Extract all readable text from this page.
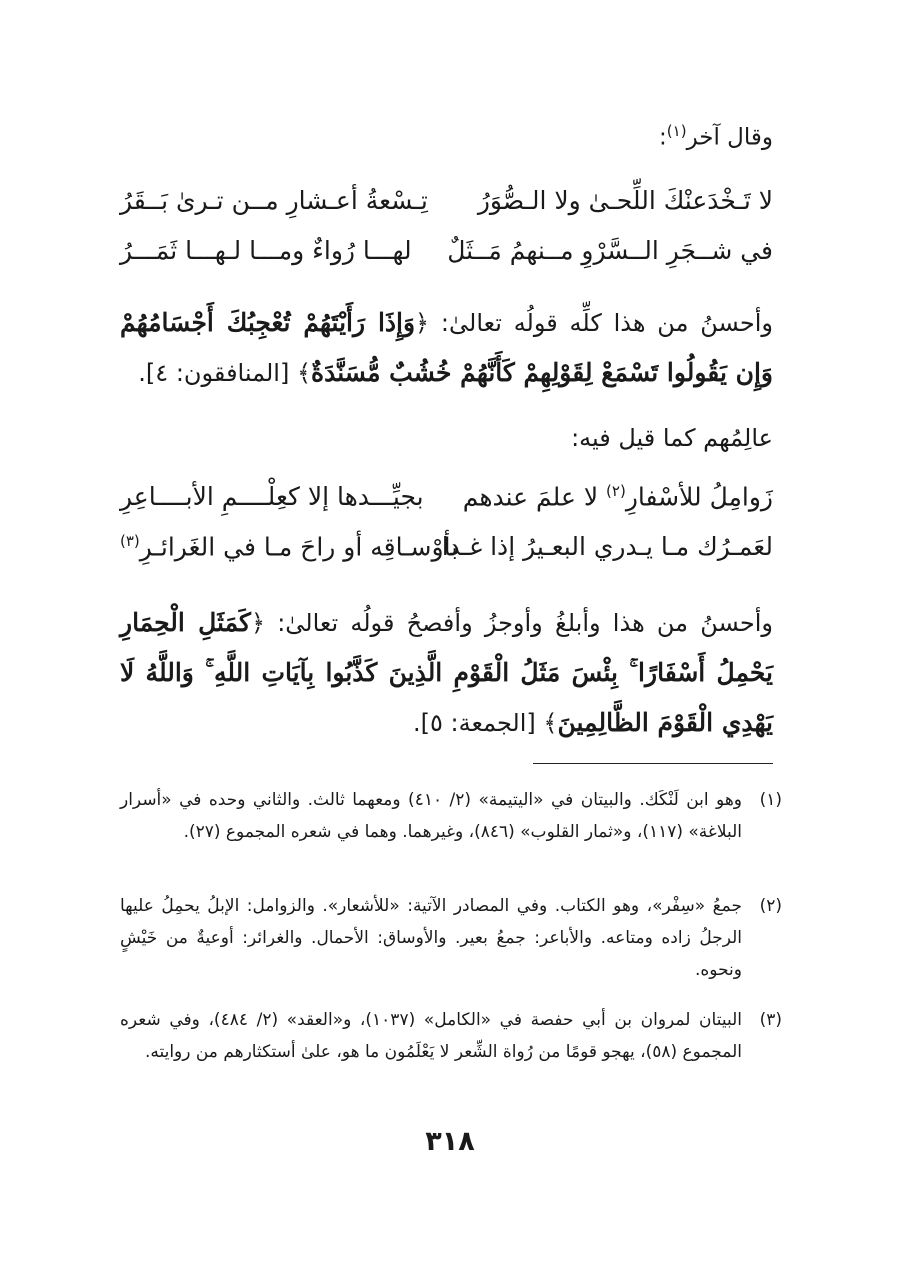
وقال آخر$^{(١)}$:
لا تَـخْدَعنْكَ اللِّحـىٰ ولا الـصُّوَرُ
تِـسْعةُ أعـشارِ مــن تـرىٰ بَــقَرُ
في شــجَرِ الــسَّرْوِ مــنهمُ مَــثَلٌ
لهـــا رُواءٌ ومـــا لـهـــا ثَمَـــرُ
وأحسنُ من هذا كلِّه قولُه تعالىٰ: ﴿وَإِذَا رَأَيْتَهُمْ تُعْجِبُكَ أَجْسَامُهُمْ وَإِن يَقُولُوا تَسْمَعْ لِقَوْلِهِمْ كَأَنَّهُمْ خُشُبٌ مُّسَنَّدَةٌ﴾ [المنافقون: ٤].
عالِمُهم كما قيل فيه:
زَوامِلُ للأسْفارِ$^{(٢)}$ لا علمَ عندهم
بجيِّـــدها إلا كعِلْــــمِ الأبــــاعِرِ
لعَمـرُك مـا يـدري البعـيرُ إذا غـدا
بأوْسـاقِه أو راحَ مـا في الغَرائـرِ$^{(٣)}$
وأحسنُ من هذا وأبلغُ وأوجزُ وأفصحُ قولُه تعالىٰ: ﴿كَمَثَلِ الْحِمَارِ يَحْمِلُ أَسْفَارًا ۚ بِئْسَ مَثَلُ الْقَوْمِ الَّذِينَ كَذَّبُوا بِآيَاتِ اللَّهِ ۚ وَاللَّهُ لَا يَهْدِي الْقَوْمَ الظَّالِمِينَ﴾ [الجمعة: ٥].
(١)
وهو ابن لَنْكَك. والبيتان في «اليتيمة» (٢/ ٤١٠) ومعهما ثالث. والثاني وحده في «أسرار البلاغة» (١١٧)، و«ثمار القلوب» (٨٤٦)، وغيرهما. وهما في شعره المجموع (٢٧).
(٢)
جمعُ «سِفْر»، وهو الكتاب. وفي المصادر الآتية: «للأشعار». والزوامل: الإبلُ يحمِلُ عليها الرجلُ زاده ومتاعه. والأباعر: جمعُ بعير. والأوساق: الأحمال. والغرائر: أوعيةٌ من خَيْشٍ ونحوه.
(٣)
البيتان لمروان بن أبي حفصة في «الكامل» (١٠٣٧)، و«العقد» (٢/ ٤٨٤)، وفي شعره المجموع (٥٨)، يهجو قومًا من رُواة الشِّعر لا يَعْلَمُون ما هو، علىٰ أستكثارهم من روايته.
٣١٨
